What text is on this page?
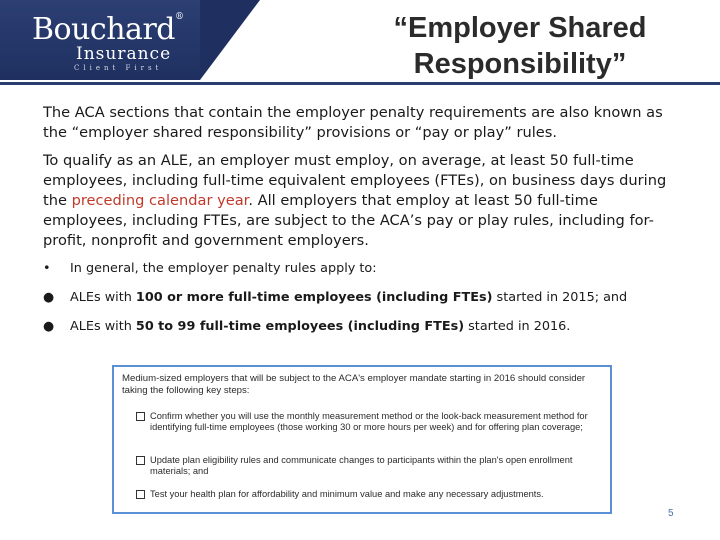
Bouchard®
Insurance
Client First
“Employer Shared
Responsibility”

The ACA sections that contain the employer penalty requirements are also known as the “employer shared responsibility” provisions or “pay or play” rules.

To qualify as an ALE, an employer must employ, on average, at least 50 full-time employees, including full-time equivalent employees (FTEs), on business days during the preceding calendar year. All employers that employ at least 50 full-time employees, including FTEs, are subject to the ACA’s pay or play rules, including for-profit, nonprofit and government employers.

• In general, the employer penalty rules apply to:
● ALEs with 100 or more full-time employees (including FTEs) started in 2015; and
● ALEs with 50 to 99 full-time employees (including FTEs) started in 2016.
Medium-sized employers that will be subject to the ACA's employer mandate starting in 2016 should consider taking the following key steps:
Confirm whether you will use the monthly measurement method or the look-back measurement method for identifying full-time employees (those working 30 or more hours per week) and for offering plan coverage;
Update plan eligibility rules and communicate changes to participants within the plan's open enrollment materials; and
Test your health plan for affordability and minimum value and make any necessary adjustments.
5
